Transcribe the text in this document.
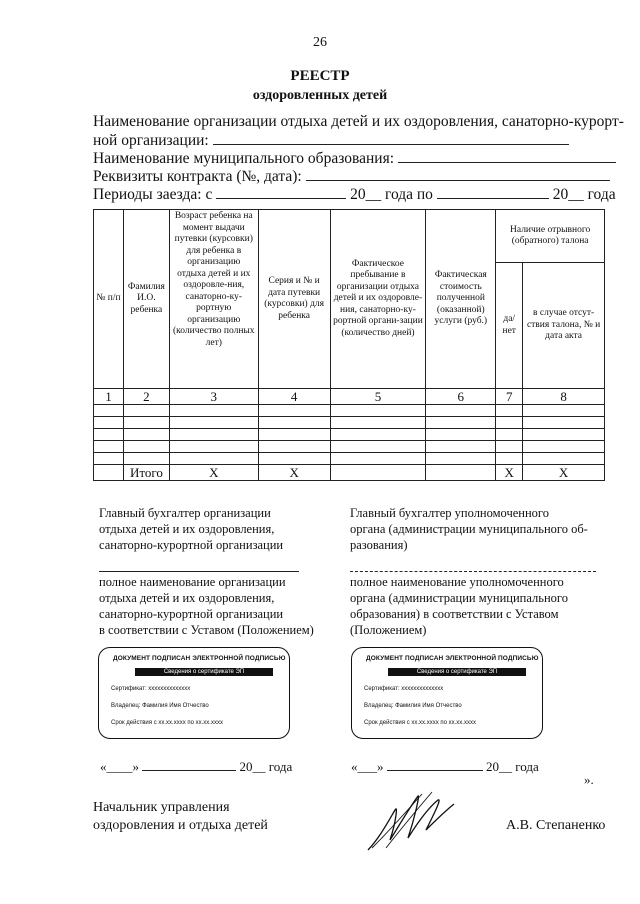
26
РЕЕСТР
оздоровленных детей
Наименование организации отдыха детей и их оздоровления, санаторно-курорт-
ной организации:
Наименование муниципального образования:
Реквизиты контракта (№, дата):
Периоды заезда: с	20__ года по	20__ года
№ п/п	Фамилия И.О. ребенка	Возраст ребенка на момент выдачи путевки (курсовки) для ребенка в организацию отдыха детей и их оздоровле-ния, санаторно-ку-рортную организацию (количество полных лет)	Серия и № и дата путевки (курсовки) для ребенка	Фактическое пребывание в организации отдыха детей и их оздоровле-ния, санаторно-ку-рортной органи-зации (количество дней)	Фактическая стоимость полученной (оказанной) услуги (руб.)	Наличие отрывного (обратного) талона	
						да/ нет	в случае отсут-ствия талона, № и дата акта
1	2	3	4	5	6	7	8

	Итого	X	X			X	X
Главный бухгалтер организации
отдыха детей и их оздоровления,
санаторно-курортной организации
полное наименование организации
отдыха детей и их оздоровления,
санаторно-курортной организации
в соответствии с Уставом (Положением)
Главный бухгалтер уполномоченного
органа (администрации муниципального об-
разования)
полное наименование уполномоченного
органа (администрации муниципального
образования) в соответствии с Уставом
(Положением)
ДОКУМЕНТ ПОДПИСАН ЭЛЕКТРОННОЙ ПОДПИСЬЮ
Сведения о сертификате ЭП
Сертификат: хххххххххххххх
Владелец: Фамилия Имя Отчество
Срок действия с хх.хх.хххх по хх.хх.хххх
ДОКУМЕНТ ПОДПИСАН ЭЛЕКТРОННОЙ ПОДПИСЬЮ
Сведения о сертификате ЭП
Сертификат: хххххххххххххх
Владелец: Фамилия Имя Отчество
Срок действия с хх.хх.хххх по хх.хх.хххх
«____»	20__ года	«___»	20__ года
».
Начальник управления
оздоровления и отдыха детей	А.В. Степаненко
